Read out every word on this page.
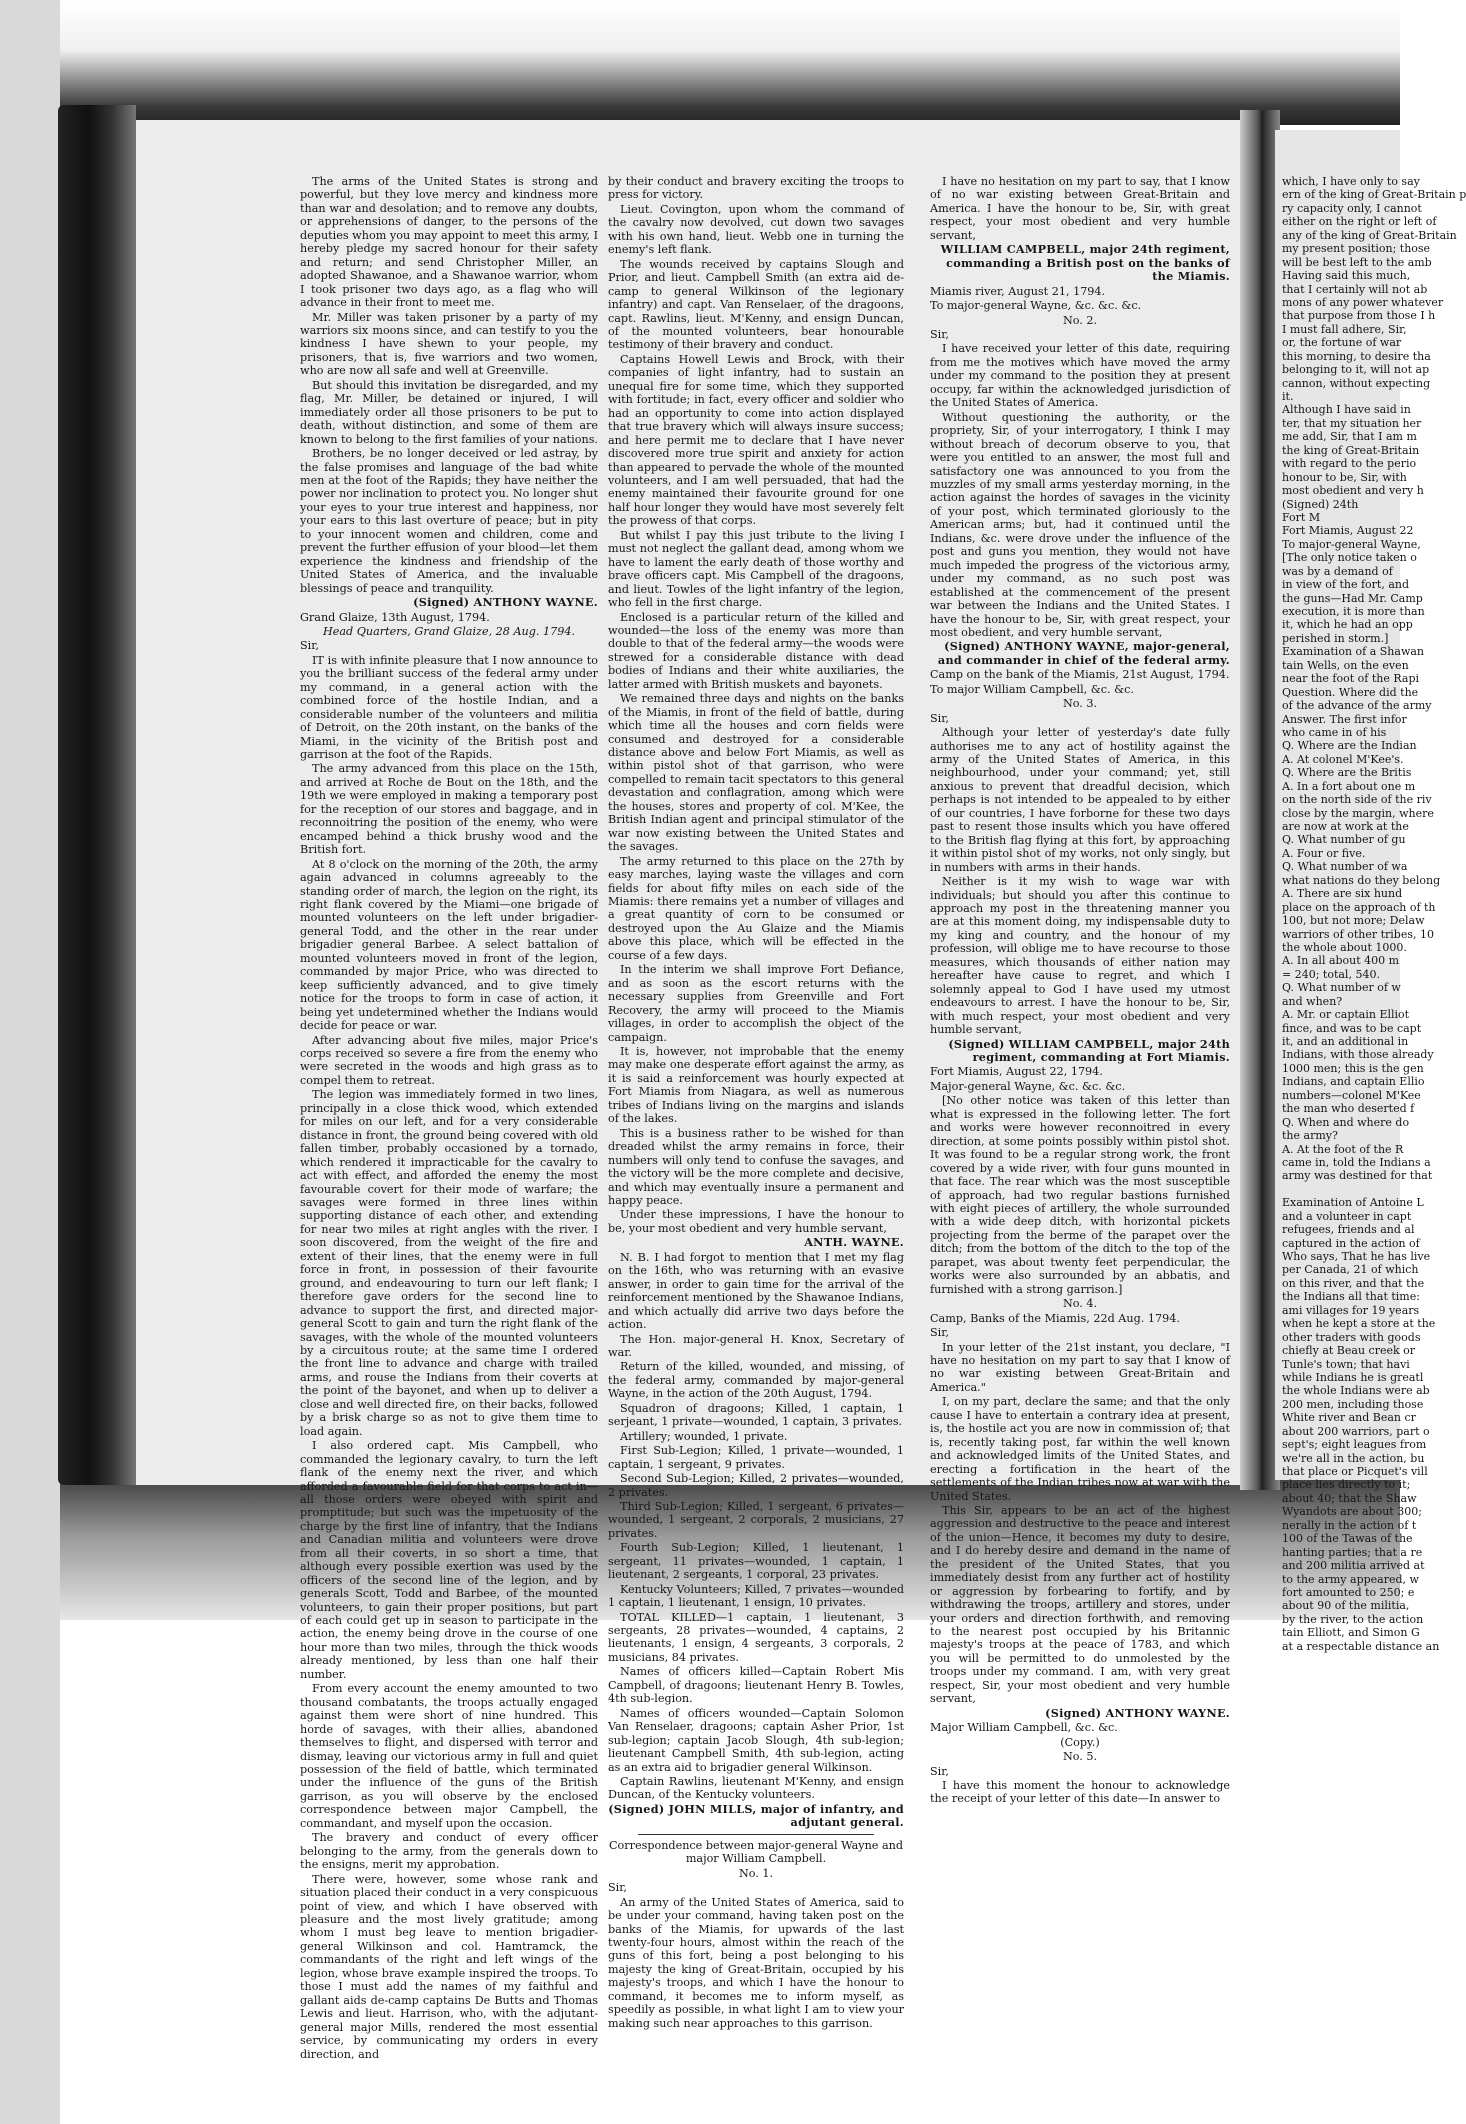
The arms of the United States is strong and powerful, but they love mercy and kindness more than war and desolation; and to remove any doubts, or apprehensions of danger, to the persons of the deputies whom you may appoint to meet this army, I hereby pledge my sacred honour for their safety and return; and send Christopher Miller, an adopted Shawanoe, and a Shawanoe warrior, whom I took prisoner two days ago, as a flag who will advance in their front to meet me.

Mr. Miller was taken prisoner by a party of my warriors six moons since, and can testify to you the kindness I have shewn to your people, my prisoners, that is, five warriors and two women, who are now all safe and well at Greenville.

But should this invitation be disregarded, and my flag, Mr. Miller, be detained or injured, I will immediately order all those prisoners to be put to death, without distinction, and some of them are known to belong to the first families of your nations.

Brothers, be no longer deceived or led astray, by the false promises and language of the bad white men at the foot of the Rapids; they have neither the power nor inclination to protect you. No longer shut your eyes to your true interest and happiness, nor your ears to this last overture of peace; but in pity to your innocent women and children, come and prevent the further effusion of your blood—let them experience the kindness and friendship of the United States of America, and the invaluable blessings of peace and tranquility.

(Signed) ANTHONY WAYNE.

Grand Glaize, 13th August, 1794.

Head Quarters, Grand Glaize, 28 Aug. 1794.

Sir,

IT is with infinite pleasure that I now announce to you the brilliant success of the federal army under my command, in a general action with the combined force of the hostile Indian, and a considerable number of the volunteers and militia of Detroit, on the 20th instant, on the banks of the Miami, in the vicinity of the British post and garrison at the foot of the Rapids.

The army advanced from this place on the 15th, and arrived at Roche de Bout on the 18th, and the 19th we were employed in making a temporary post for the reception of our stores and baggage, and in reconnoitring the position of the enemy, who were encamped behind a thick brushy wood and the British fort.

At 8 o'clock on the morning of the 20th, the army again advanced in columns agreeably to the standing order of march, the legion on the right, its right flank covered by the Miami—one brigade of mounted volunteers on the left under brigadier-general Todd, and the other in the rear under brigadier general Barbee. A select battalion of mounted volunteers moved in front of the legion, commanded by major Price, who was directed to keep sufficiently advanced, and to give timely notice for the troops to form in case of action, it being yet undetermined whether the Indians would decide for peace or war.

After advancing about five miles, major Price's corps received so severe a fire from the enemy who were secreted in the woods and high grass as to compel them to retreat.

The legion was immediately formed in two lines, principally in a close thick wood, which extended for miles on our left, and for a very considerable distance in front, the ground being covered with old fallen timber, probably occasioned by a tornado, which rendered it impracticable for the cavalry to act with effect, and afforded the enemy the most favourable covert for their mode of warfare; the savages were formed in three lines within supporting distance of each other, and extending for near two miles at right angles with the river. I soon discovered, from the weight of the fire and extent of their lines, that the enemy were in full force in front, in possession of their favourite ground, and endeavouring to turn our left flank; I therefore gave orders for the second line to advance to support the first, and directed major-general Scott to gain and turn the right flank of the savages, with the whole of the mounted volunteers by a circuitous route; at the same time I ordered the front line to advance and charge with trailed arms, and rouse the Indians from their coverts at the point of the bayonet, and when up to deliver a close and well directed fire, on their backs, followed by a brisk charge so as not to give them time to load again.

I also ordered capt. Mis Campbell, who commanded the legionary cavalry, to turn the left flank of the enemy next the river, and which afforded a favourable field for that corps to act in—all those orders were obeyed with spirit and promptitude; but such was the impetuosity of the charge by the first line of infantry, that the Indians and Canadian militia and volunteers were drove from all their coverts, in so short a time, that although every possible exertion was used by the officers of the second line of the legion, and by generals Scott, Todd and Barbee, of the mounted volunteers, to gain their proper positions, but part of each could get up in season to participate in the action, the enemy being drove in the course of one hour more than two miles, through the thick woods already mentioned, by less than one half their number.

From every account the enemy amounted to two thousand combatants, the troops actually engaged against them were short of nine hundred. This horde of savages, with their allies, abandoned themselves to flight, and dispersed with terror and dismay, leaving our victorious army in full and quiet possession of the field of battle, which terminated under the influence of the guns of the British garrison, as you will observe by the enclosed correspondence between major Campbell, the commandant, and myself upon the occasion.

The bravery and conduct of every officer belonging to the army, from the generals down to the ensigns, merit my approbation.

There were, however, some whose rank and situation placed their conduct in a very conspicuous point of view, and which I have observed with pleasure and the most lively gratitude; among whom I must beg leave to mention brigadier-general Wilkinson and col. Hamtramck, the commandants of the right and left wings of the legion, whose brave example inspired the troops. To those I must add the names of my faithful and gallant aids de-camp captains De Butts and Thomas Lewis and lieut. Harrison, who, with the adjutant-general major Mills, rendered the most essential service, by communicating my orders in every direction, and

by their conduct and bravery exciting the troops to press for victory.

Lieut. Covington, upon whom the command of the cavalry now devolved, cut down two savages with his own hand, lieut. Webb one in turning the enemy's left flank.

The wounds received by captains Slough and Prior, and lieut. Campbell Smith (an extra aid de-camp to general Wilkinson of the legionary infantry) and capt. Van Renselaer, of the dragoons, capt. Rawlins, lieut. M'Kenny, and ensign Duncan, of the mounted volunteers, bear honourable testimony of their bravery and conduct.

Captains Howell Lewis and Brock, with their companies of light infantry, had to sustain an unequal fire for some time, which they supported with fortitude; in fact, every officer and soldier who had an opportunity to come into action displayed that true bravery which will always insure success; and here permit me to declare that I have never discovered more true spirit and anxiety for action than appeared to pervade the whole of the mounted volunteers, and I am well persuaded, that had the enemy maintained their favourite ground for one half hour longer they would have most severely felt the prowess of that corps.

But whilst I pay this just tribute to the living I must not neglect the gallant dead, among whom we have to lament the early death of those worthy and brave officers capt. Mis Campbell of the dragoons, and lieut. Towles of the light infantry of the legion, who fell in the first charge.

Enclosed is a particular return of the killed and wounded—the loss of the enemy was more than double to that of the federal army—the woods were strewed for a considerable distance with dead bodies of Indians and their white auxiliaries, the latter armed with British muskets and bayonets.

We remained three days and nights on the banks of the Miamis, in front of the field of battle, during which time all the houses and corn fields were consumed and destroyed for a considerable distance above and below Fort Miamis, as well as within pistol shot of that garrison, who were compelled to remain tacit spectators to this general devastation and conflagration, among which were the houses, stores and property of col. M'Kee, the British Indian agent and principal stimulator of the war now existing between the United States and the savages.

The army returned to this place on the 27th by easy marches, laying waste the villages and corn fields for about fifty miles on each side of the Miamis: there remains yet a number of villages and a great quantity of corn to be consumed or destroyed upon the Au Glaize and the Miamis above this place, which will be effected in the course of a few days.

In the interim we shall improve Fort Defiance, and as soon as the escort returns with the necessary supplies from Greenville and Fort Recovery, the army will proceed to the Miamis villages, in order to accomplish the object of the campaign.

It is, however, not improbable that the enemy may make one desperate effort against the army, as it is said a reinforcement was hourly expected at Fort Miamis from Niagara, as well as numerous tribes of Indians living on the margins and islands of the lakes.

This is a business rather to be wished for than dreaded whilst the army remains in force, their numbers will only tend to confuse the savages, and the victory will be the more complete and decisive, and which may eventually insure a permanent and happy peace.

Under these impressions, I have the honour to be, your most obedient and very humble servant,

ANTH. WAYNE.

N. B. I had forgot to mention that I met my flag on the 16th, who was returning with an evasive answer, in order to gain time for the arrival of the reinforcement mentioned by the Shawanoe Indians, and which actually did arrive two days before the action.

The Hon. major-general H. Knox, Secretary of war.

Return of the killed, wounded, and missing, of the federal army, commanded by major-general Wayne, in the action of the 20th August, 1794.

Squadron of dragoons; Killed, 1 captain, 1 serjeant, 1 private—wounded, 1 captain, 3 privates.

Artillery; wounded, 1 private.

First Sub-Legion; Killed, 1 private—wounded, 1 captain, 1 sergeant, 9 privates.

Second Sub-Legion; Killed, 2 privates—wounded, 2 privates.

Third Sub-Legion; Killed, 1 sergeant, 6 privates—wounded, 1 sergeant, 2 corporals, 2 musicians, 27 privates.

Fourth Sub-Legion; Killed, 1 lieutenant, 1 sergeant, 11 privates—wounded, 1 captain, 1 lieutenant, 2 sergeants, 1 corporal, 23 privates.

Kentucky Volunteers; Killed, 7 privates—wounded 1 captain, 1 lieutenant, 1 ensign, 10 privates.

TOTAL KILLED—1 captain, 1 lieutenant, 3 sergeants, 28 privates—wounded, 4 captains, 2 lieutenants, 1 ensign, 4 sergeants, 3 corporals, 2 musicians, 84 privates.

Names of officers killed—Captain Robert Mis Campbell, of dragoons; lieutenant Henry B. Towles, 4th sub-legion.

Names of officers wounded—Captain Solomon Van Renselaer, dragoons; captain Asher Prior, 1st sub-legion; captain Jacob Slough, 4th sub-legion; lieutenant Campbell Smith, 4th sub-legion, acting as an extra aid to brigadier general Wilkinson.

Captain Rawlins, lieutenant M'Kenny, and ensign Duncan, of the Kentucky volunteers.

(Signed) JOHN MILLS, major of infantry, and adjutant general.

Correspondence between major-general Wayne and major William Campbell.

No. 1.

Sir,

An army of the United States of America, said to be under your command, having taken post on the banks of the Miamis, for upwards of the last twenty-four hours, almost within the reach of the guns of this fort, being a post belonging to his majesty the king of Great-Britain, occupied by his majesty's troops, and which I have the honour to command, it becomes me to inform myself, as speedily as possible, in what light I am to view your making such near approaches to this garrison.

I have no hesitation on my part to say, that I know of no war existing between Great-Britain and America. I have the honour to be, Sir, with great respect, your most obedient and very humble servant,

WILLIAM CAMPBELL, major 24th regiment, commanding a British post on the banks of the Miamis.

Miamis river, August 21, 1794.

To major-general Wayne, &c. &c. &c.

No. 2.

Sir,

I have received your letter of this date, requiring from me the motives which have moved the army under my command to the position they at present occupy, far within the acknowledged jurisdiction of the United States of America.

Without questioning the authority, or the propriety, Sir, of your interrogatory, I think I may without breach of decorum observe to you, that were you entitled to an answer, the most full and satisfactory one was announced to you from the muzzles of my small arms yesterday morning, in the action against the hordes of savages in the vicinity of your post, which terminated gloriously to the American arms; but, had it continued until the Indians, &c. were drove under the influence of the post and guns you mention, they would not have much impeded the progress of the victorious army, under my command, as no such post was established at the commencement of the present war between the Indians and the United States. I have the honour to be, Sir, with great respect, your most obedient, and very humble servant,

(Signed) ANTHONY WAYNE, major-general, and commander in chief of the federal army.

Camp on the bank of the Miamis, 21st August, 1794.

To major William Campbell, &c. &c.

No. 3.

Sir,

Although your letter of yesterday's date fully authorises me to any act of hostility against the army of the United States of America, in this neighbourhood, under your command; yet, still anxious to prevent that dreadful decision, which perhaps is not intended to be appealed to by either of our countries, I have forborne for these two days past to resent those insults which you have offered to the British flag flying at this fort, by approaching it within pistol shot of my works, not only singly, but in numbers with arms in their hands.

Neither is it my wish to wage war with individuals; but should you after this continue to approach my post in the threatening manner you are at this moment doing, my indispensable duty to my king and country, and the honour of my profession, will oblige me to have recourse to those measures, which thousands of either nation may hereafter have cause to regret, and which I solemnly appeal to God I have used my utmost endeavours to arrest. I have the honour to be, Sir, with much respect, your most obedient and very humble servant,

(Signed) WILLIAM CAMPBELL, major 24th regiment, commanding at Fort Miamis.

Fort Miamis, August 22, 1794.

Major-general Wayne, &c. &c. &c.

[No other notice was taken of this letter than what is expressed in the following letter. The fort and works were however reconnoitred in every direction, at some points possibly within pistol shot. It was found to be a regular strong work, the front covered by a wide river, with four guns mounted in that face. The rear which was the most susceptible of approach, had two regular bastions furnished with eight pieces of artillery, the whole surrounded with a wide deep ditch, with horizontal pickets projecting from the berme of the parapet over the ditch; from the bottom of the ditch to the top of the parapet, was about twenty feet perpendicular, the works were also surrounded by an abbatis, and furnished with a strong garrison.]

No. 4.

Camp, Banks of the Miamis, 22d Aug. 1794.

Sir,

In your letter of the 21st instant, you declare, "I have no hesitation on my part to say that I know of no war existing between Great-Britain and America."

I, on my part, declare the same; and that the only cause I have to entertain a contrary idea at present, is, the hostile act you are now in commission of; that is, recently taking post, far within the well known and acknowledged limits of the United States, and erecting a fortification in the heart of the settlements of the Indian tribes now at war with the United States.

This Sir, appears to be an act of the highest aggression and destructive to the peace and interest of the union—Hence, it becomes my duty to desire, and I do hereby desire and demand in the name of the president of the United States, that you immediately desist from any further act of hostility or aggression by forbearing to fortify, and by withdrawing the troops, artillery and stores, under your orders and direction forthwith, and removing to the nearest post occupied by his Britannic majesty's troops at the peace of 1783, and which you will be permitted to do unmolested by the troops under my command. I am, with very great respect, Sir, your most obedient and very humble servant,

(Signed) ANTHONY WAYNE.

Major William Campbell, &c. &c.

(Copy.)

No. 5.

Sir,

I have this moment the honour to acknowledge the receipt of your letter of this date—In answer to

which, I have only to say
ern of the king of Great-Britain p
ry capacity only, I cannot
either on the right or left of
any of the king of Great-Britain
my present position; those
will be best left to the amb
Having said this much,
that I certainly will not ab
mons of any power whatever
that purpose from those I h
I must fall adhere, Sir,
or, the fortune of war
this morning, to desire tha
belonging to it, will not ap
cannon, without expecting
it.
Although I have said in
ter, that my situation her
me add, Sir, that I am m
the king of Great-Britain
with regard to the perio
honour to be, Sir, with
most obedient and very h
(Signed) 24th
Fort M
Fort Miamis, August 22
To major-general Wayne,
[The only notice taken o
was by a demand of
in view of the fort, and
the guns—Had Mr. Camp
execution, it is more than
it, which he had an opp
perished in storm.]
Examination of a Shawan
tain Wells, on the even
near the foot of the Rapi
Question. Where did the
of the advance of the army
Answer. The first infor
who came in of his
Q. Where are the Indian
A. At colonel M'Kee's.
Q. Where are the Britis
A. In a fort about one m
on the north side of the riv
close by the margin, where
are now at work at the
Q. What number of gu
A. Four or five.
Q. What number of wa
what nations do they belong
A. There are six hund
place on the approach of th
100, but not more; Delaw
warriors of other tribes, 10
the whole about 1000.
A. In all about 400 m
= 240; total, 540.
Q. What number of w
and when?
A. Mr. or captain Elliot
fince, and was to be capt
it, and an additional in
Indians, with those already
1000 men; this is the gen
Indians, and captain Ellio
numbers—colonel M'Kee
the man who deserted f
Q. When and where do
the army?
A. At the foot of the R
came in, told the Indians a
army was destined for that
Examination of Antoine L
and a volunteer in capt
refugees, friends and al
captured in the action of
Who says, That he has live
per Canada, 21 of which
on this river, and that the
the Indians all that time:
ami villages for 19 years
when he kept a store at the
other traders with goods
chiefly at Beau creek or
Tunle's town; that havi
while Indians he is greatl
the whole Indians were ab
200 men, including those
White river and Bean cr
about 200 warriors, part o
sept's; eight leagues from
we're all in the action, bu
that place or Picquet's vill
place lies directly to it;
about 40; that the Shaw
Wyandots are about 300;
nerally in the action of t
100 of the Tawas of the
hanting parties; that a re
and 200 militia arrived at
to the army appeared, w
fort amounted to 250; e
about 90 of the militia,
by the river, to the action
tain Elliott, and Simon G
at a respectable distance an
